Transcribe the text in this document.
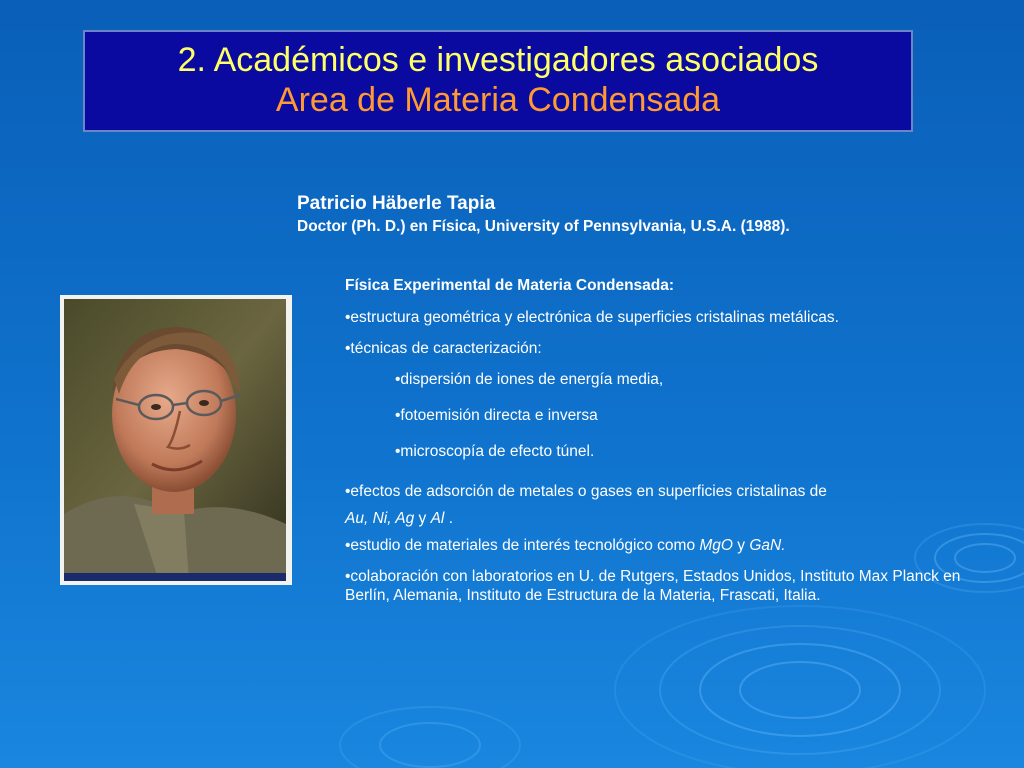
2. Académicos e investigadores asociados
Area de Materia Condensada
Patricio Häberle Tapia
Doctor (Ph. D.) en Física, University of Pennsylvania, U.S.A. (1988).

Física Experimental de Materia Condensada:

•estructura geométrica y electrónica de superficies cristalinas metálicas.

•técnicas de caracterización:

•dispersión de iones de energía media,

•fotoemisión directa e inversa

•microscopía de efecto túnel.

•efectos de adsorción de metales o gases en superficies cristalinas de
Au, Ni, Ag y Al .

•estudio de materiales de interés tecnológico como MgO y GaN.

•colaboración con laboratorios en U. de Rutgers, Estados Unidos, Instituto Max Planck en Berlín, Alemania, Instituto de Estructura de la Materia, Frascati, Italia.
